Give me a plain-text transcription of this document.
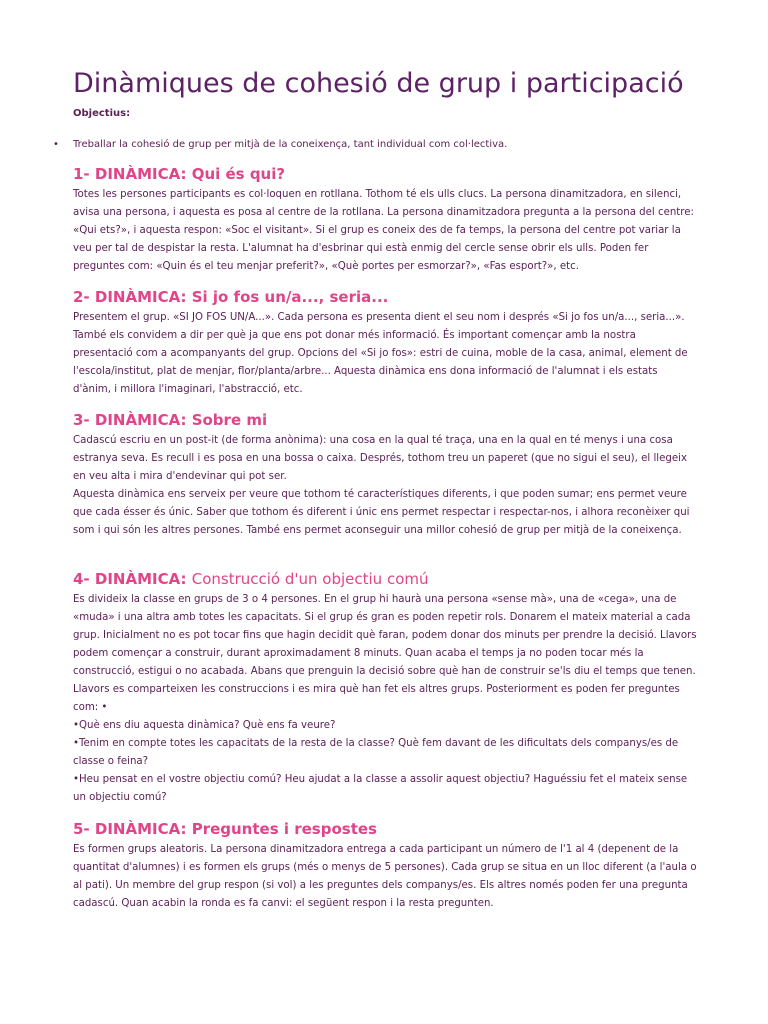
Dinàmiques de cohesió de grup i participació
Objectius:
• Treballar la cohesió de grup per mitjà de la coneixença, tant individual com col·lectiva.

1- DINÀMICA: Qui és qui?

Totes les persones participants es col·loquen en rotllana. Tothom té els ulls clucs. La persona dinamitzadora, en silenci, avisa una persona, i aquesta es posa al centre de la rotllana. La persona dinamitzadora pregunta a la persona del centre: «Qui ets?», i aquesta respon: «Soc el visitant». Si el grup es coneix des de fa temps, la persona del centre pot variar la veu per tal de despistar la resta. L'alumnat ha d'esbrinar qui està enmig del cercle sense obrir els ulls. Poden fer preguntes com: «Quin és el teu menjar preferit?», «Què portes per esmorzar?», «Fas esport?», etc.

2- DINÀMICA: Si jo fos un/a..., seria...

Presentem el grup. «SI JO FOS UN/A...». Cada persona es presenta dient el seu nom i després «Si jo fos un/a..., seria...». També els convidem a dir per què ja que ens pot donar més informació. És important començar amb la nostra presentació com a acompanyants del grup. Opcions del «Si jo fos»: estri de cuina, moble de la casa, animal, element de l'escola/institut, plat de menjar, flor/planta/arbre... Aquesta dinàmica ens dona informació de l'alumnat i els estats d'ànim, i millora l'imaginari, l'abstracció, etc.

3- DINÀMICA: Sobre mi

Cadascú escriu en un post-it (de forma anònima): una cosa en la qual té traça, una en la qual en té menys i una cosa estranya seva. Es recull i es posa en una bossa o caixa. Després, tothom treu un paperet (que no sigui el seu), el llegeix en veu alta i mira d'endevinar qui pot ser.

Aquesta dinàmica ens serveix per veure que tothom té característiques diferents, i que poden sumar; ens permet veure que cada ésser és únic. Saber que tothom és diferent i únic ens permet respectar i respectar-nos, i alhora reconèixer qui som i qui són les altres persones. També ens permet aconseguir una millor cohesió de grup per mitjà de la coneixença.

4- DINÀMICA: Construcció d'un objectiu comú

Es divideix la classe en grups de 3 o 4 persones. En el grup hi haurà una persona «sense mà», una de «cega», una de «muda» i una altra amb totes les capacitats. Si el grup és gran es poden repetir rols. Donarem el mateix material a cada grup. Inicialment no es pot tocar fins que hagin decidit què faran, podem donar dos minuts per prendre la decisió. Llavors podem començar a construir, durant aproximadament 8 minuts. Quan acaba el temps ja no poden tocar més la construcció, estigui o no acabada. Abans que prenguin la decisió sobre què han de construir se'ls diu el temps que tenen. Llavors es comparteixen les construccions i es mira què han fet els altres grups. Posteriorment es poden fer preguntes com: •

•Què ens diu aquesta dinàmica? Què ens fa veure?

•Tenim en compte totes les capacitats de la resta de la classe? Què fem davant de les dificultats dels companys/es de classe o feina?

•Heu pensat en el vostre objectiu comú? Heu ajudat a la classe a assolir aquest objectiu? Haguéssiu fet el mateix sense un objectiu comú?

5- DINÀMICA: Preguntes i respostes

Es formen grups aleatoris. La persona dinamitzadora entrega a cada participant un número de l'1 al 4 (depenent de la quantitat d'alumnes) i es formen els grups (més o menys de 5 persones). Cada grup se situa en un lloc diferent (a l'aula o al pati). Un membre del grup respon (si vol) a les preguntes dels companys/es. Els altres només poden fer una pregunta cadascú. Quan acabin la ronda es fa canvi: el següent respon i la resta pregunten.
